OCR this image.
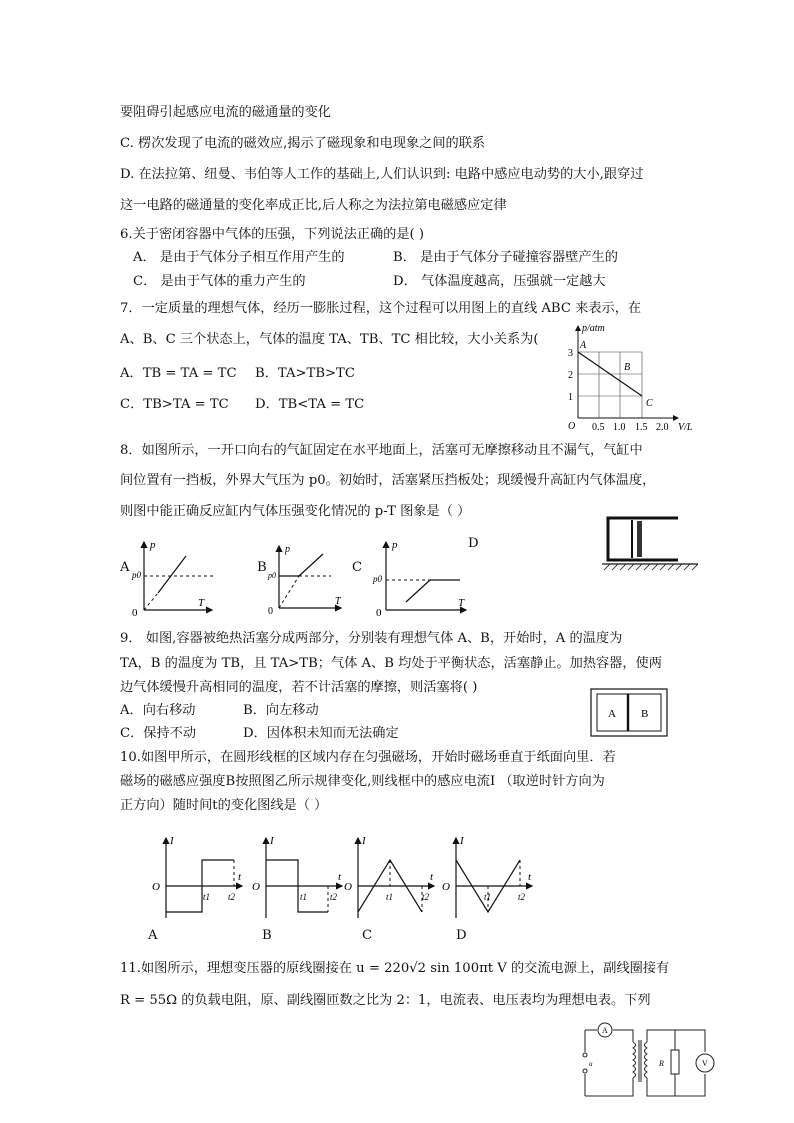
要阻碍引起感应电流的磁通量的变化
C. 楞次发现了电流的磁效应,揭示了磁现象和电现象之间的联系
D. 在法拉第、纽曼、韦伯等人工作的基础上,人们认识到: 电路中感应电动势的大小,跟穿过
这一电路的磁通量的变化率成正比,后人称之为法拉第电磁感应定律
6.关于密闭容器中气体的压强，下列说法正确的是( )
A． 是由于气体分子相互作用产生的	B． 是由于气体分子碰撞容器壁产生的
C． 是由于气体的重力产生的	D． 气体温度越高，压强就一定越大
7．一定质量的理想气体，经历一膨胀过程，这个过程可以用图上的直线 ABC 来表示，在
A、B、C 三个状态上，气体的温度 TA、TB、TC 相比较，大小关系为(
A．TB = TA = TC B．TA>TB>TC
C．TB>TA = TC D．TB<TA = TC
p/atm
V/L
O
1
2
3
0.5 1.0 1.5 2.0
A
B
C
8．如图所示，一开口向右的气缸固定在水平地面上，活塞可无摩擦移动且不漏气，气缸中
间位置有一挡板，外界大气压为 p0。初始时，活塞紧压挡板处；现缓慢升高缸内气体温度，
则图中能正确反应缸内气体压强变化情况的 p-T 图象是（ ）
A
p
p0
0
T
B
p
p0
0
T
C
p
p0
0
T
D
9． 如图,容器被绝热活塞分成两部分，分别装有理想气体 A、B，开始时，A 的温度为
TA，B 的温度为 TB，且 TA>TB；气体 A、B 均处于平衡状态，活塞静止。加热容器，使两
边气体缓慢升高相同的温度，若不计活塞的摩擦，则活塞将( )
A．向右移动	B．向左移动
C．保持不动	D．因体积未知而无法确定
A B
10.如图甲所示，在圆形线框的区域内存在匀强磁场，开始时磁场垂直于纸面向里．若
磁场的磁感应强度B按照图乙所示规律变化,则线框中的感应电流I （取逆时针方向为
正方向）随时间t的变化图线是（ ）
I
O
t
t1 t2
A
I
O
t
t1	t2
B
I
O
t
t1	t2
C
I
O
t
t1	t2
D
11.如图所示，理想变压器的原线圈接在 u = 220√2 sin 100πt V 的交流电源上，副线圈接有
R = 55Ω 的负载电阻，原、副线圈匝数之比为 2：1，电流表、电压表均为理想电表。下列
A
V
R
u
